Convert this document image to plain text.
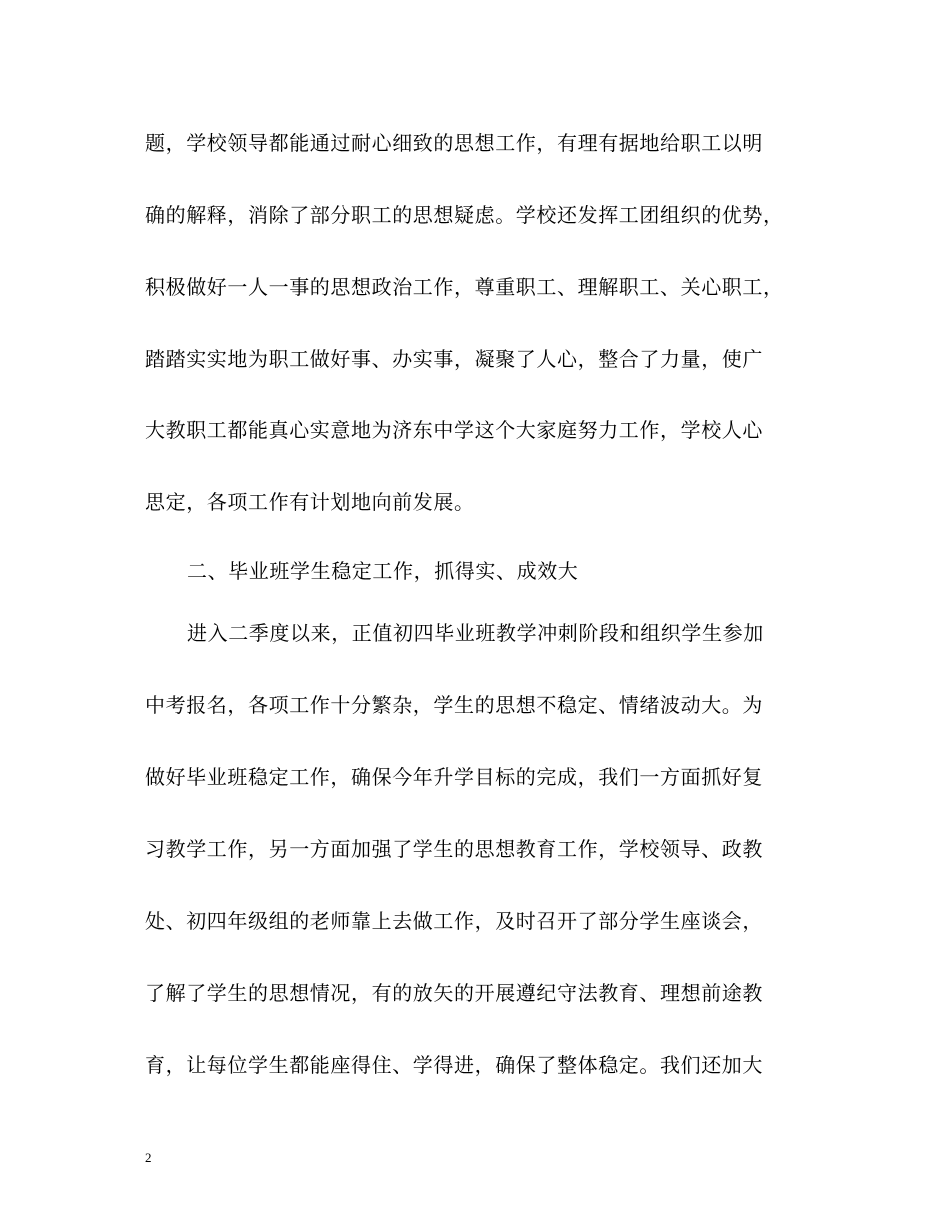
题，学校领导都能通过耐心细致的思想工作，有理有据地给职工以明
确的解释，消除了部分职工的思想疑虑。学校还发挥工团组织的优势，
积极做好一人一事的思想政治工作，尊重职工、理解职工、关心职工，
踏踏实实地为职工做好事、办实事，凝聚了人心，整合了力量，使广
大教职工都能真心实意地为济东中学这个大家庭努力工作，学校人心
思定，各项工作有计划地向前发展。
二、毕业班学生稳定工作，抓得实、成效大
进入二季度以来，正值初四毕业班教学冲刺阶段和组织学生参加
中考报名，各项工作十分繁杂，学生的思想不稳定、情绪波动大。为
做好毕业班稳定工作，确保今年升学目标的完成，我们一方面抓好复
习教学工作，另一方面加强了学生的思想教育工作，学校领导、政教
处、初四年级组的老师靠上去做工作，及时召开了部分学生座谈会，
了解了学生的思想情况，有的放矢的开展遵纪守法教育、理想前途教
育，让每位学生都能座得住、学得进，确保了整体稳定。我们还加大
2
